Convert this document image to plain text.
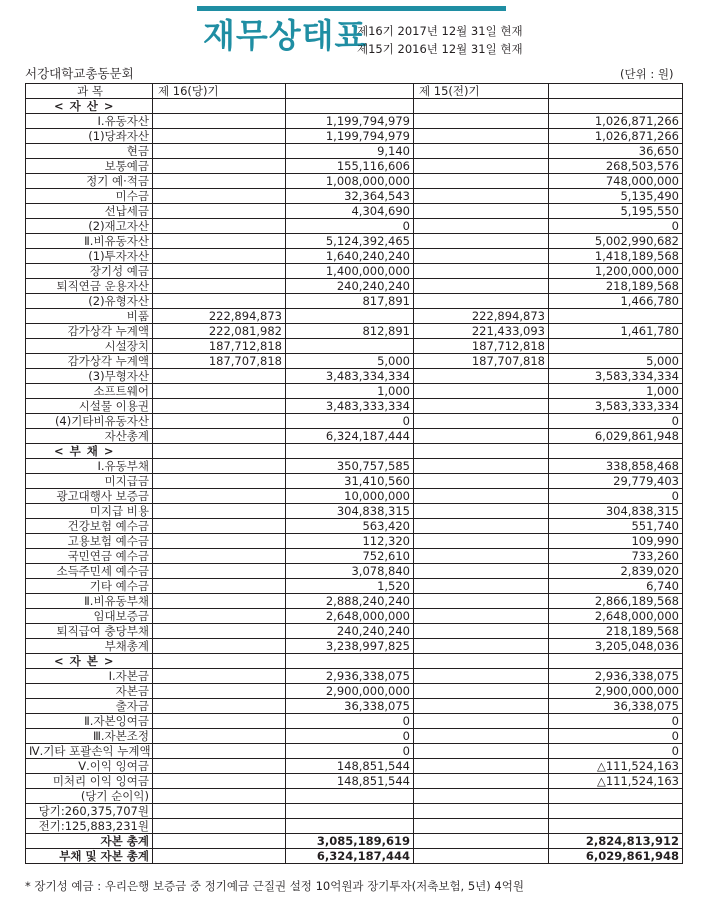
재무상태표
제16기 2017년 12월 31일 현재
제15기 2016년 12월 31일 현재
서강대학교총동문회	(단위 : 원)
과 목	제 16(당)기		제 15(전)기	
< 자 산 >				
Ⅰ.유동자산		1,199,794,979		1,026,871,266
(1)당좌자산		1,199,794,979		1,026,871,266
현금		9,140		36,650
보통예금		155,116,606		268,503,576
정기 예·적금		1,008,000,000		748,000,000
미수금		32,364,543		5,135,490
선납세금		4,304,690		5,195,550
(2)재고자산		0		0
Ⅱ.비유동자산		5,124,392,465		5,002,990,682
(1)투자자산		1,640,240,240		1,418,189,568
장기성 예금		1,400,000,000		1,200,000,000
퇴직연금 운용자산		240,240,240		218,189,568
(2)유형자산		817,891		1,466,780
비품	222,894,873		222,894,873	
감가상각 누계액	222,081,982	812,891	221,433,093	1,461,780
시설장치	187,712,818		187,712,818	
감가상각 누계액	187,707,818	5,000	187,707,818	5,000
(3)무형자산		3,483,334,334		3,583,334,334
소프트웨어		1,000		1,000
시설물 이용권		3,483,333,334		3,583,333,334
(4)기타비유동자산		0		0
자산총계		6,324,187,444		6,029,861,948
< 부 채 >				
Ⅰ.유동부채		350,757,585		338,858,468
미지급금		31,410,560		29,779,403
광고대행사 보증금		10,000,000		0
미지급 비용		304,838,315		304,838,315
건강보험 예수금		563,420		551,740
고용보험 예수금		112,320		109,990
국민연금 예수금		752,610		733,260
소득주민세 예수금		3,078,840		2,839,020
기타 예수금		1,520		6,740
Ⅱ.비유동부채		2,888,240,240		2,866,189,568
임대보증금		2,648,000,000		2,648,000,000
퇴직급여 충당부채		240,240,240		218,189,568
부채총계		3,238,997,825		3,205,048,036
< 자 본 >				
Ⅰ.자본금		2,936,338,075		2,936,338,075
자본금		2,900,000,000		2,900,000,000
출자금		36,338,075		36,338,075
Ⅱ.자본잉여금		0		0
Ⅲ.자본조정		0		0
Ⅳ.기타 포괄손익 누계액		0		0
Ⅴ.이익 잉여금		148,851,544		△111,524,163
미처리 이익 잉여금		148,851,544		△111,524,163
(당기 순이익)				
당기:260,375,707원				
전기:125,883,231원				
자본 총계		3,085,189,619		2,824,813,912
부채 및 자본 총계		6,324,187,444		6,029,861,948
* 장기성 예금 : 우리은행 보증금 중 정기예금 근질권 설정 10억원과 장기투자(저축보험, 5년) 4억원
